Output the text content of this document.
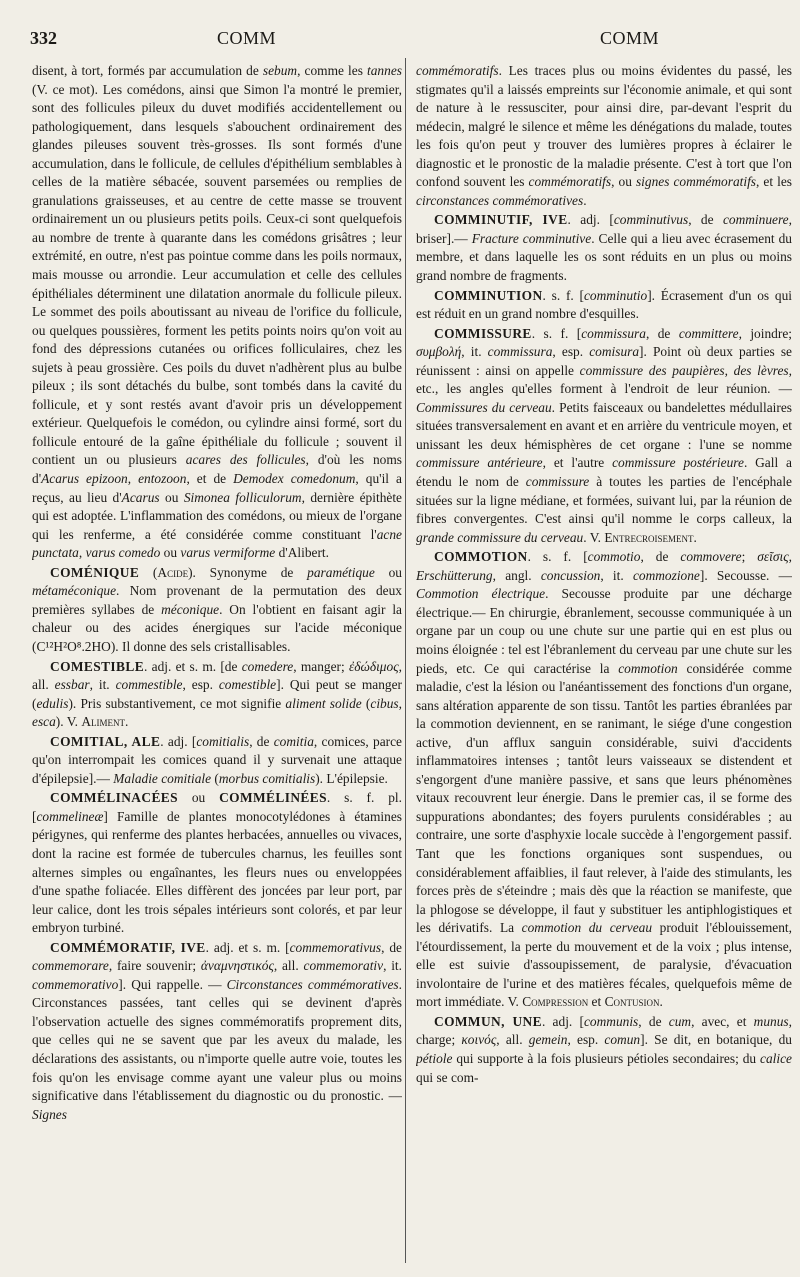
332	COMM	COMM

disent, à tort, formés par accumulation de sebum, comme les tannes (V. ce mot). Les comédons, ainsi que Simon l'a montré le premier, sont des follicules pileux du duvet modifiés accidentellement ou pathologiquement, dans lesquels s'abouchent ordinairement des glandes pileuses souvent très-grosses. Ils sont formés d'une accumulation, dans le follicule, de cellules d'épithélium semblables à celles de la matière sébacée, souvent parsemées ou remplies de granulations graisseuses, et au centre de cette masse se trouvent ordinairement un ou plusieurs petits poils. Ceux-ci sont quelquefois au nombre de trente à quarante dans les comédons grisâtres ; leur extrémité, en outre, n'est pas pointue comme dans les poils normaux, mais mousse ou arrondie. Leur accumulation et celle des cellules épithéliales déterminent une dilatation anormale du follicule pileux. Le sommet des poils aboutissant au niveau de l'orifice du follicule, ou quelques poussières, forment les petits points noirs qu'on voit au fond des dépressions cutanées ou orifices folliculaires, chez les sujets à peau grossière. Ces poils du duvet n'adhèrent plus au bulbe pileux ; ils sont détachés du bulbe, sont tombés dans la cavité du follicule, et y sont restés avant d'avoir pris un développement extérieur. Quelquefois le comédon, ou cylindre ainsi formé, sort du follicule entouré de la gaîne épithéliale du follicule ; souvent il contient un ou plusieurs acares des follicules, d'où les noms d'Acarus epizoon, entozoon, et de Demodex comedonum, qu'il a reçus, au lieu d'Acarus ou Simonea folliculorum, dernière épithète qui est adoptée. L'inflammation des comédons, ou mieux de l'organe qui les renferme, a été considérée comme constituant l'acne punctata, varus comedo ou varus vermiforme d'Alibert.

COMÉNIQUE (Acide). Synonyme de paramétique ou métaméconique. Nom provenant de la permutation des deux premières syllabes de méconique. On l'obtient en faisant agir la chaleur ou des acides énergiques sur l'acide méconique (C¹²H²O⁸.2HO). Il donne des sels cristallisables.

COMESTIBLE. adj. et s. m. [de comedere, manger; ἐδώδιμος, all. essbar, it. commestible, esp. comestible]. Qui peut se manger (edulis). Pris substantivement, ce mot signifie aliment solide (cibus, esca). V. Aliment.

COMITIAL, ALE. adj. [comitialis, de comitia, comices, parce qu'on interrompait les comices quand il y survenait une attaque d'épilepsie].— Maladie comitiale (morbus comitialis). L'épilepsie.

COMMÉLINACÉES ou COMMÉLINÉES. s. f. pl. [commelineæ] Famille de plantes monocotylédones à étamines périgynes, qui renferme des plantes herbacées, annuelles ou vivaces, dont la racine est formée de tubercules charnus, les feuilles sont alternes simples ou engaînantes, les fleurs nues ou enveloppées d'une spathe foliacée. Elles diffèrent des joncées par leur port, par leur calice, dont les trois sépales intérieurs sont colorés, et par leur embryon turbiné.

COMMÉMORATIF, IVE. adj. et s. m. [commemorativus, de commemorare, faire souvenir; ἀναμνηστικός, all. commemorativ, it. commemorativo]. Qui rappelle. — Circonstances commémoratives. Circonstances passées, tant celles qui se devinent d'après l'observation actuelle des signes commémoratifs proprement dits, que celles qui ne se savent que par les aveux du malade, les déclarations des assistants, ou n'importe quelle autre voie, toutes les fois qu'on les envisage comme ayant une valeur plus ou moins significative dans l'établissement du diagnostic ou du pronostic. — Signes

commémoratifs. Les traces plus ou moins évidentes du passé, les stigmates qu'il a laissés empreints sur l'économie animale, et qui sont de nature à le ressusciter, pour ainsi dire, par-devant l'esprit du médecin, malgré le silence et même les dénégations du malade, toutes les fois qu'on peut y trouver des lumières propres à éclairer le diagnostic et le pronostic de la maladie présente. C'est à tort que l'on confond souvent les commémoratifs, ou signes commémoratifs, et les circonstances commémoratives.

COMMINUTIF, IVE. adj. [comminutivus, de comminuere, briser].— Fracture comminutive. Celle qui a lieu avec écrasement du membre, et dans laquelle les os sont réduits en un plus ou moins grand nombre de fragments.

COMMINUTION. s. f. [comminutio]. Écrasement d'un os qui est réduit en un grand nombre d'esquilles.

COMMISSURE. s. f. [commissura, de committere, joindre; συμβολή, it. commissura, esp. comisura]. Point où deux parties se réunissent : ainsi on appelle commissure des paupières, des lèvres, etc., les angles qu'elles forment à l'endroit de leur réunion. — Commissures du cerveau. Petits faisceaux ou bandelettes médullaires situées transversalement en avant et en arrière du ventricule moyen, et unissant les deux hémisphères de cet organe : l'une se nomme commissure antérieure, et l'autre commissure postérieure. Gall a étendu le nom de commissure à toutes les parties de l'encéphale situées sur la ligne médiane, et formées, suivant lui, par la réunion de fibres convergentes. C'est ainsi qu'il nomme le corps calleux, la grande commissure du cerveau. V. Entrecroisement.

COMMOTION. s. f. [commotio, de commovere; σεῖσις, Erschütterung, angl. concussion, it. commozione]. Secousse. — Commotion électrique. Secousse produite par une décharge électrique.— En chirurgie, ébranlement, secousse communiquée à un organe par un coup ou une chute sur une partie qui en est plus ou moins éloignée : tel est l'ébranlement du cerveau par une chute sur les pieds, etc. Ce qui caractérise la commotion considérée comme maladie, c'est la lésion ou l'anéantissement des fonctions d'un organe, sans altération apparente de son tissu. Tantôt les parties ébranlées par la commotion deviennent, en se ranimant, le siége d'une congestion active, d'un afflux sanguin considérable, suivi d'accidents inflammatoires intenses ; tantôt leurs vaisseaux se distendent et s'engorgent d'une manière passive, et sans que leurs phénomènes vitaux recouvrent leur énergie. Dans le premier cas, il se forme des suppurations abondantes; des foyers purulents considérables ; au contraire, une sorte d'asphyxie locale succède à l'engorgement passif. Tant que les fonctions organiques sont suspendues, ou considérablement affaiblies, il faut relever, à l'aide des stimulants, les forces près de s'éteindre ; mais dès que la réaction se manifeste, que la phlogose se développe, il faut y substituer les antiphlogistiques et les dérivatifs. La commotion du cerveau produit l'éblouissement, l'étourdissement, la perte du mouvement et de la voix ; plus intense, elle est suivie d'assoupissement, de paralysie, d'évacuation involontaire de l'urine et des matières fécales, quelquefois même de mort immédiate. V. Compression et Contusion.

COMMUN, UNE. adj. [communis, de cum, avec, et munus, charge; κοινός, all. gemein, esp. comun]. Se dit, en botanique, du pétiole qui supporte à la fois plusieurs pétioles secondaires; du calice qui se com-
